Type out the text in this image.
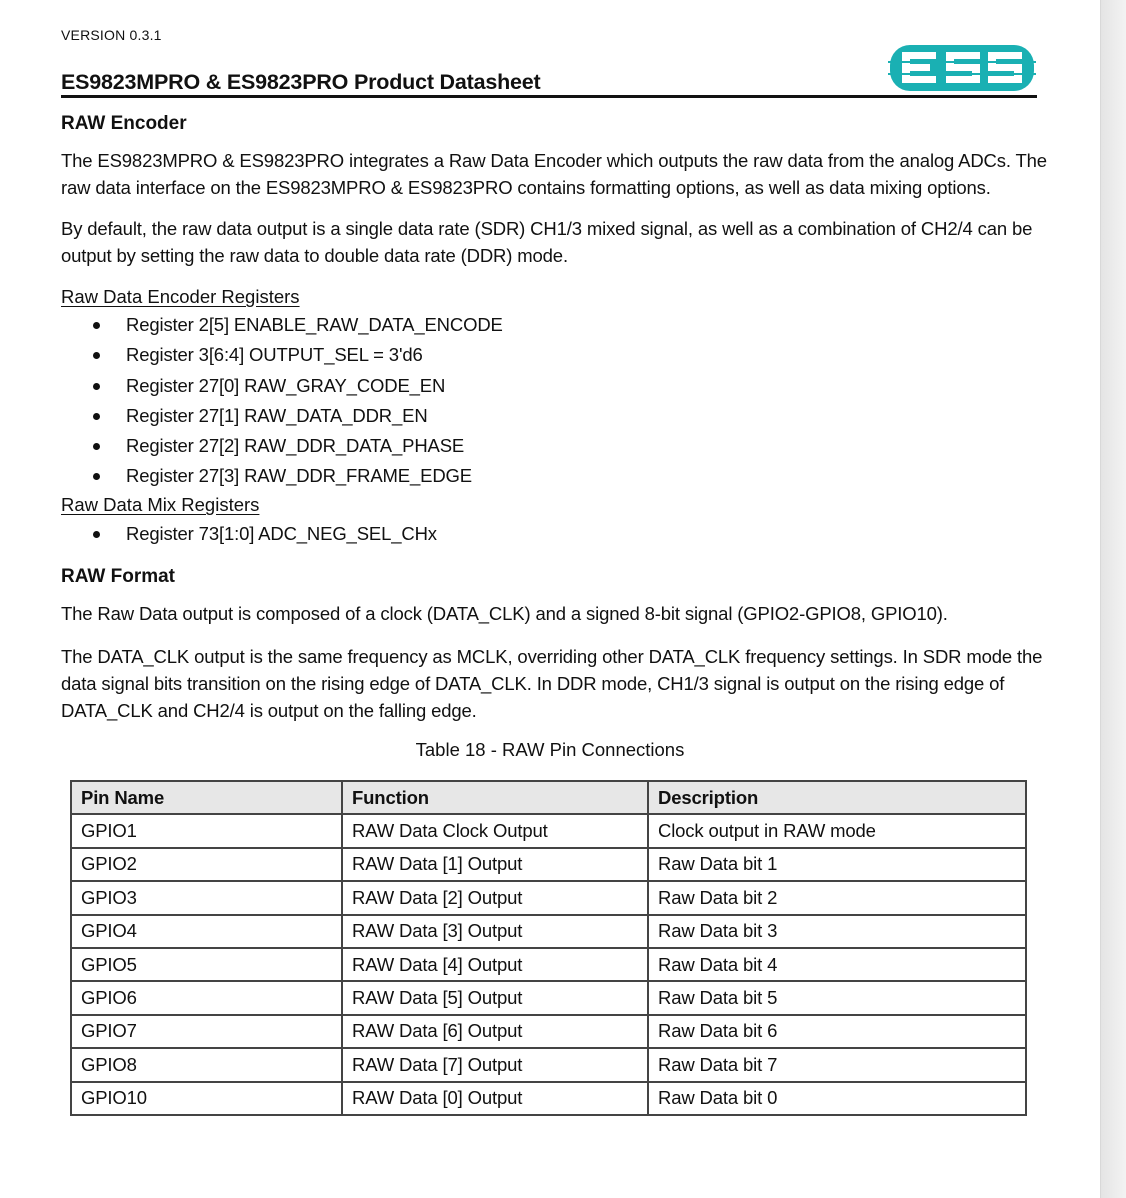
VERSION 0.3.1
ES9823MPRO & ES9823PRO Product Datasheet
ESS
RAW Encoder
The ES9823MPRO & ES9823PRO integrates a Raw Data Encoder which outputs the raw data from the analog ADCs. The raw data interface on the ES9823MPRO & ES9823PRO contains formatting options, as well as data mixing options.
By default, the raw data output is a single data rate (SDR) CH1/3 mixed signal, as well as a combination of CH2/4 can be output by setting the raw data to double data rate (DDR) mode.
Raw Data Encoder Registers
Register 2[5] ENABLE_RAW_DATA_ENCODE
Register 3[6:4] OUTPUT_SEL = 3'd6
Register 27[0] RAW_GRAY_CODE_EN
Register 27[1] RAW_DATA_DDR_EN
Register 27[2] RAW_DDR_DATA_PHASE
Register 27[3] RAW_DDR_FRAME_EDGE
Raw Data Mix Registers
Register 73[1:0] ADC_NEG_SEL_CHx
RAW Format
The Raw Data output is composed of a clock (DATA_CLK) and a signed 8-bit signal (GPIO2-GPIO8, GPIO10).
The DATA_CLK output is the same frequency as MCLK, overriding other DATA_CLK frequency settings. In SDR mode the data signal bits transition on the rising edge of DATA_CLK. In DDR mode, CH1/3 signal is output on the rising edge of DATA_CLK and CH2/4 is output on the falling edge.
Table 18 - RAW Pin Connections
Pin Name	Function	Description
GPIO1	RAW Data Clock Output	Clock output in RAW mode
GPIO2	RAW Data [1] Output	Raw Data bit 1
GPIO3	RAW Data [2] Output	Raw Data bit 2
GPIO4	RAW Data [3] Output	Raw Data bit 3
GPIO5	RAW Data [4] Output	Raw Data bit 4
GPIO6	RAW Data [5] Output	Raw Data bit 5
GPIO7	RAW Data [6] Output	Raw Data bit 6
GPIO8	RAW Data [7] Output	Raw Data bit 7
GPIO10	RAW Data [0] Output	Raw Data bit 0
